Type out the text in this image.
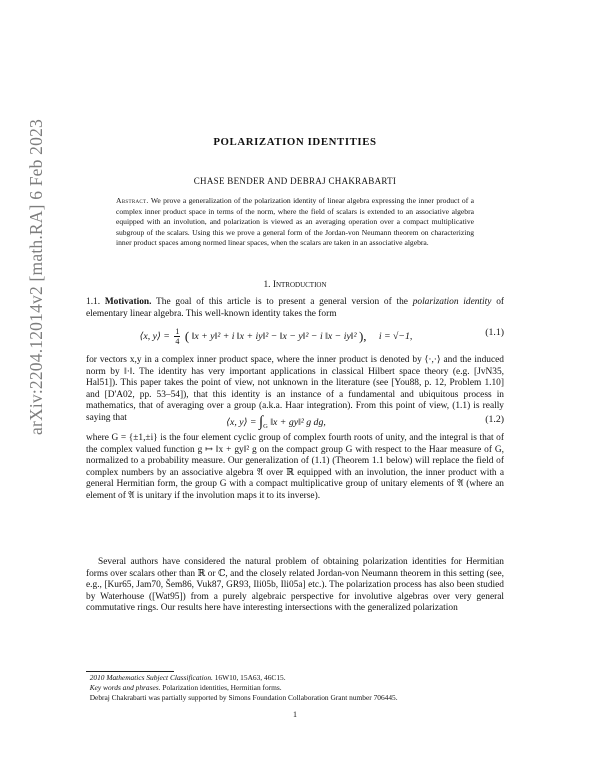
arXiv:2204.12014v2 [math.RA] 6 Feb 2023	POLARIZATION IDENTITIES
CHASE BENDER AND DEBRAJ CHAKRABARTI
Abstract. We prove a generalization of the polarization identity of linear algebra expressing the inner product of a complex inner product space in terms of the norm, where the field of scalars is extended to an associative algebra equipped with an involution, and polarization is viewed as an averaging operation over a compact multiplicative subgroup of the scalars. Using this we prove a general form of the Jordan-von Neumann theorem on characterizing inner product spaces among normed linear spaces, when the scalars are taken in an associative algebra.
1. Introduction
1.1. Motivation. The goal of this article is to present a general version of the polarization identity of elementary linear algebra. This well-known identity takes the form
⟨x, y⟩ = $\frac{1}{4}$ ( ‖x + y‖² + i ‖x + iy‖² − ‖x − y‖² − i ‖x − iy‖² ), i = √−1,	(1.1)
for vectors x,y in a complex inner product space, where the inner product is denoted by ⟨·,·⟩ and the induced norm by ‖·‖. The identity has very important applications in classical Hilbert space theory (e.g. [JvN35, Hal51]). This paper takes the point of view, not unknown in the literature (see [You88, p. 12, Problem 1.10] and [D'A02, pp. 53–54]), that this identity is an instance of a fundamental and ubiquitous process in mathematics, that of averaging over a group (a.k.a. Haar integration). From this point of view, (1.1) is really saying that	⟨x, y⟩ = $\int_G$ ‖x + gy‖² g dg,	(1.2)
where G = {±1,±i} is the four element cyclic group of complex fourth roots of unity, and the integral is that of the complex valued function g ↦ ‖x + gy‖² g on the compact group G with respect to the Haar measure of G, normalized to a probability measure. Our generalization of (1.1) (Theorem 1.1 below) will replace the field of complex numbers by an associative algebra 𝔄 over ℝ equipped with an involution, the inner product with a general Hermitian form, the group G with a compact multiplicative group of unitary elements of 𝔄 (where an element of 𝔄 is unitary if the involution maps it to its inverse).
Several authors have considered the natural problem of obtaining polarization identities for Hermitian forms over scalars other than ℝ or ℂ, and the closely related Jordan-von Neumann theorem in this setting (see, e.g., [Kur65, Jam70, Šem86, Vuk87, GR93, Ili05b, Ili05a] etc.). The polarization process has also been studied by Waterhouse ([Wat95]) from a purely algebraic perspective for involutive algebras over very general commutative rings. Our results here have interesting intersections with the generalized polarization
2010 Mathematics Subject Classification. 16W10, 15A63, 46C15.
Key words and phrases. Polarization identities, Hermitian forms.
Debraj Chakrabarti was partially supported by Simons Foundation Collaboration Grant number 706445.
1
